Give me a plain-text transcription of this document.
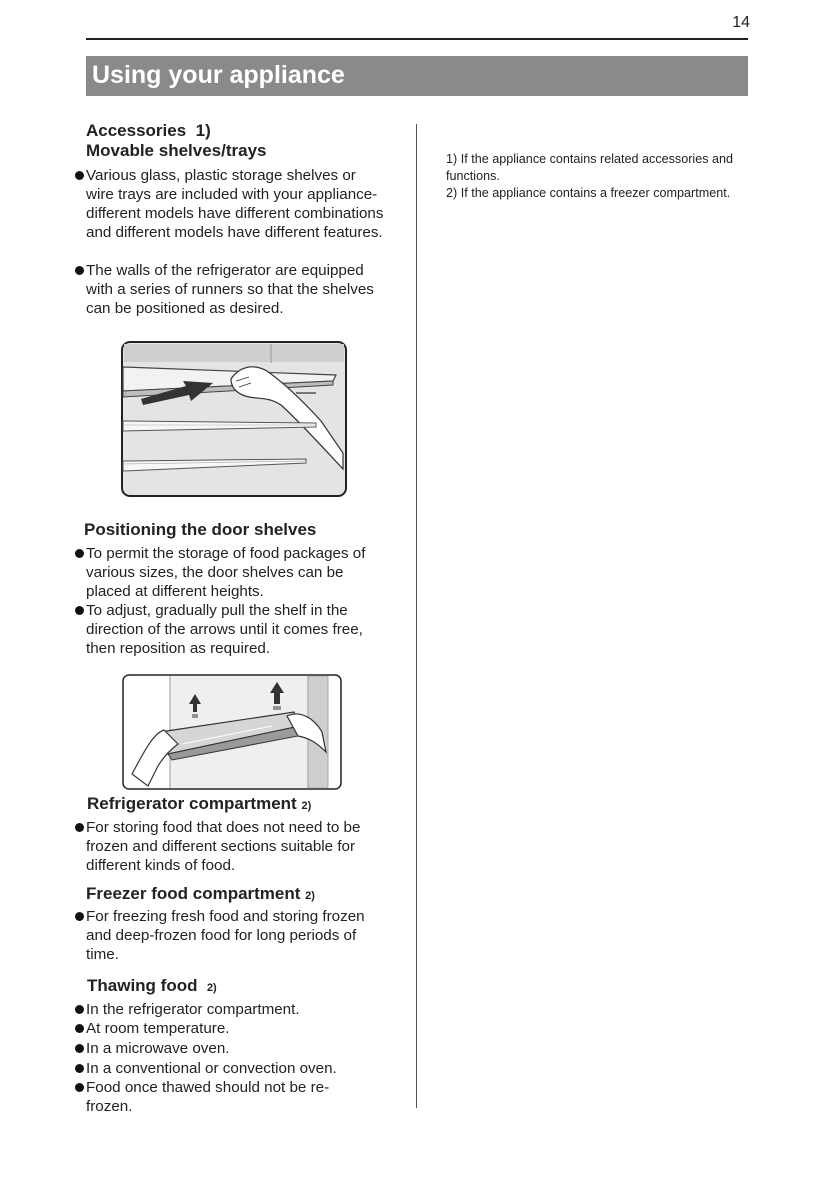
14
Using your appliance
Accessories 1)
Movable shelves/trays
Various glass, plastic storage shelves or wire trays are included with your appliance-different models have different combinations and different models have different features.
The walls of the refrigerator are equipped with a series of runners so that the shelves can be positioned as desired.
Positioning the door shelves
To permit the storage of food packages of various sizes, the door shelves can be placed at different heights.
To adjust, gradually pull the shelf in the direction of the arrows until it comes free, then reposition as required.
Refrigerator compartment 2)
For storing food that does not need to be frozen and different sections suitable for different kinds of food.
Freezer food compartment 2)
For freezing fresh food and storing frozen and deep-frozen food for long periods of time.
Thawing food 2)
In the refrigerator compartment.
At room temperature.
In a microwave oven.
In a conventional or convection oven.
Food once thawed should not be re-frozen.
1) If the appliance contains related accessories and functions.
2) If the appliance contains a freezer compartment.
